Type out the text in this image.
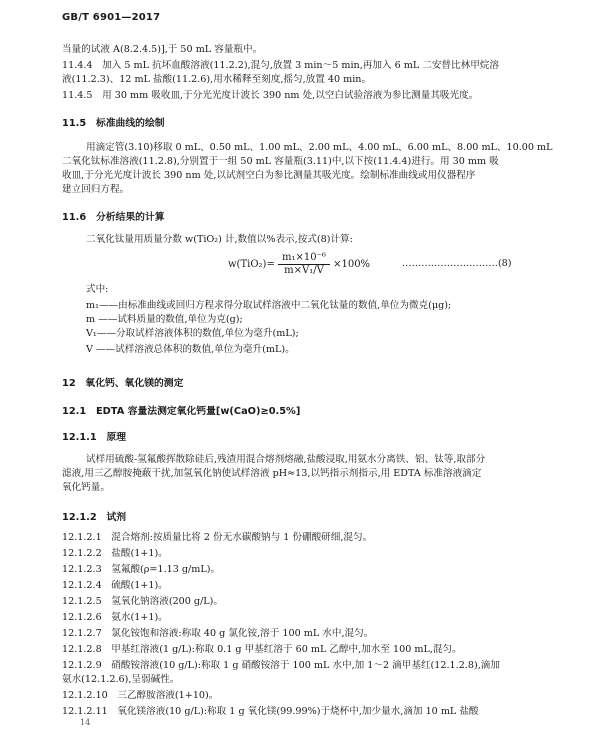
GB/T 6901—2017
当量的试液 A(8.2.4.5)],于 50 mL 容量瓶中。
11.4.4　加入 5 mL 抗坏血酸溶液(11.2.2),混匀,放置 3 min～5 min,再加入 6 mL 二安替比林甲烷溶
液(11.2.3)、12 mL 盐酸(11.2.6),用水稀释至刻度,摇匀,放置 40 min。
11.4.5　用 30 mm 吸收皿,于分光光度计波长 390 nm 处,以空白试验溶液为参比测量其吸光度。
11.5　标准曲线的绘制
用滴定管(3.10)移取 0 mL、0.50 mL、1.00 mL、2.00 mL、4.00 mL、6.00 mL、8.00 mL、10.00 mL
二氧化钛标准溶液(11.2.8),分别置于一组 50 mL 容量瓶(3.11)中,以下按(11.4.4)进行。用 30 mm 吸
收皿,于分光光度计波长 390 nm 处,以试剂空白为参比测量其吸光度。绘制标准曲线或用仪器程序
建立回归方程。
11.6　分析结果的计算
二氧化钛量用质量分数 w(TiO₂) 计,数值以%表示,按式(8)计算:
式中:
m₁——由标准曲线或回归方程求得分取试样溶液中二氧化钛量的数值,单位为微克(μg);
m ——试料质量的数值,单位为克(g);
V₁——分取试样溶液体积的数值,单位为毫升(mL);
V ——试样溶液总体积的数值,单位为毫升(mL)。
12　氧化钙、氧化镁的测定
12.1　EDTA 容量法测定氧化钙量[w(CaO)≥0.5%]
12.1.1　原理
试样用硫酸-氢氟酸挥散除硅后,残渣用混合熔剂熔融,盐酸浸取,用氨水分离铁、铝、钛等,取部分
滤液,用三乙醇胺掩蔽干扰,加氢氧化钠使试样溶液 pH≈13,以钙指示剂指示,用 EDTA 标准溶液滴定
氧化钙量。
12.1.2　试剂
12.1.2.1　混合熔剂:按质量比将 2 份无水碳酸钠与 1 份硼酸研细,混匀。
12.1.2.2　盐酸(1+1)。
12.1.2.3　氢氟酸(ρ=1.13 g/mL)。
12.1.2.4　硫酸(1+1)。
12.1.2.5　氢氧化钠溶液(200 g/L)。
12.1.2.6　氨水(1+1)。
12.1.2.7　氯化铵饱和溶液:称取 40 g 氯化铵,溶于 100 mL 水中,混匀。
12.1.2.8　甲基红溶液(1 g/L):称取 0.1 g 甲基红溶于 60 mL 乙醇中,加水至 100 mL,混匀。
12.1.2.9　硝酸铵溶液(10 g/L):称取 1 g 硝酸铵溶于 100 mL 水中,加 1～2 滴甲基红(12.1.2.8),滴加
氨水(12.1.2.6),呈弱碱性。
12.1.2.10　三乙醇胺溶液(1+10)。
12.1.2.11　氧化镁溶液(10 g/L):称取 1 g 氧化镁(99.99%)于烧杯中,加少量水,滴加 10 mL 盐酸
$w(TiO_2)= \frac{\text{m₁×10⁻⁶}}{\text{m×V₁/V}} \times 100\%$	…………………………(8)
14
